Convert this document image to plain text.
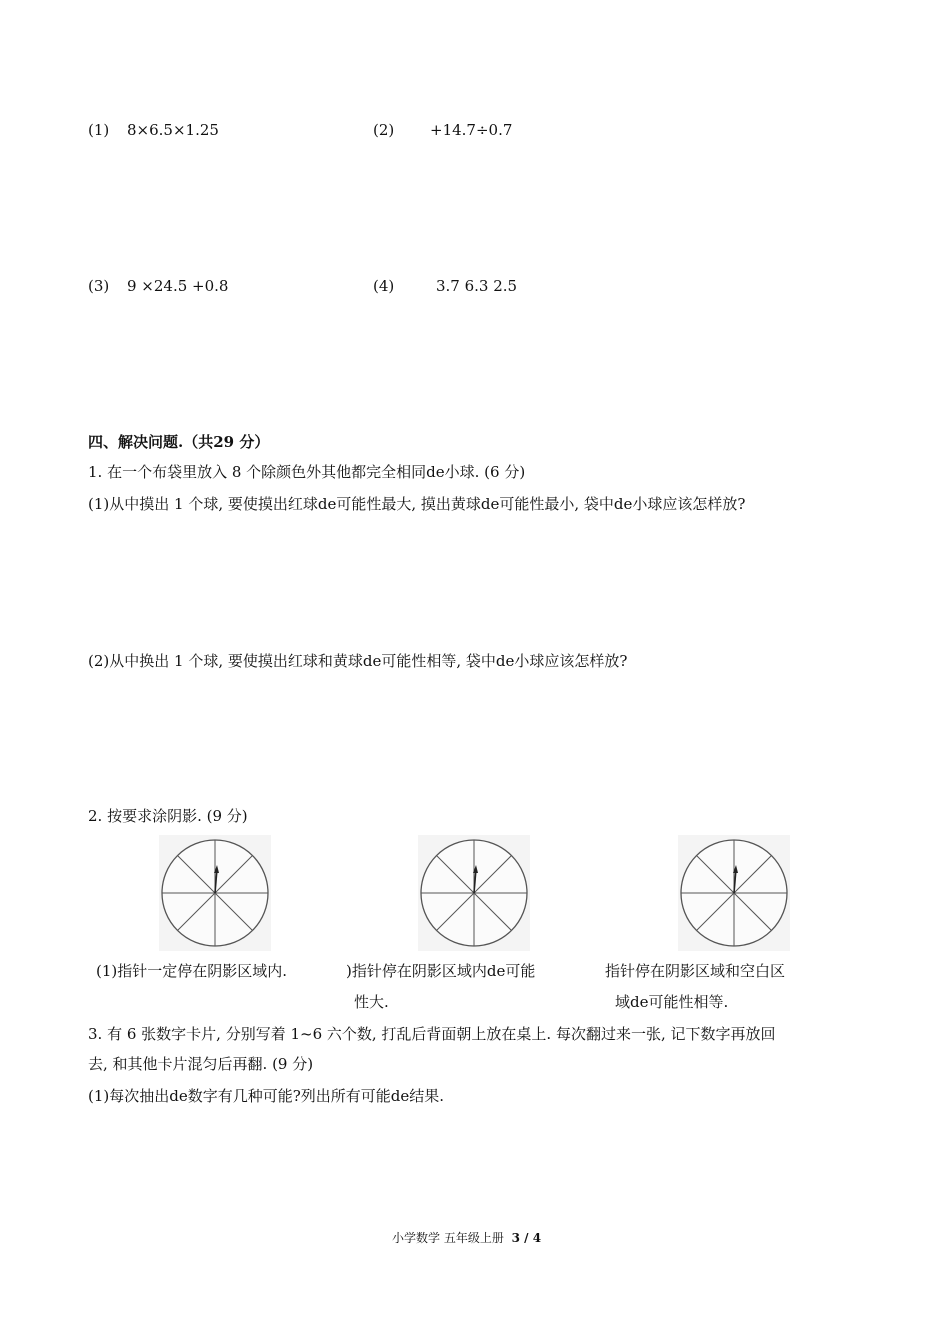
(1) 8×6.5×1.25	(2) +14.7÷0.7
(3) 9 ×24.5 +0.8	(4)	3.7 6.3 2.5
四、解决问题.（共29 分）
1. 在一个布袋里放入 8 个除颜色外其他都完全相同de小球. (6 分)
(1)从中摸出 1 个球, 要使摸出红球de可能性最大, 摸出黄球de可能性最小, 袋中de小球应该怎样放?
(2)从中换出 1 个球, 要使摸出红球和黄球de可能性相等, 袋中de小球应该怎样放?
2. 按要求涂阴影. (9 分)
(1)指针一定停在阴影区域内.	)指针停在阴影区域内de可能
性大.
指针停在阴影区域和空白区
域de可能性相等.
3. 有 6 张数字卡片, 分别写着 1~6 六个数, 打乱后背面朝上放在桌上. 每次翻过来一张, 记下数字再放回
去, 和其他卡片混匀后再翻. (9 分)
(1)每次抽出de数字有几种可能?列出所有可能de结果.
小学数学 五年级上册 3 / 4
